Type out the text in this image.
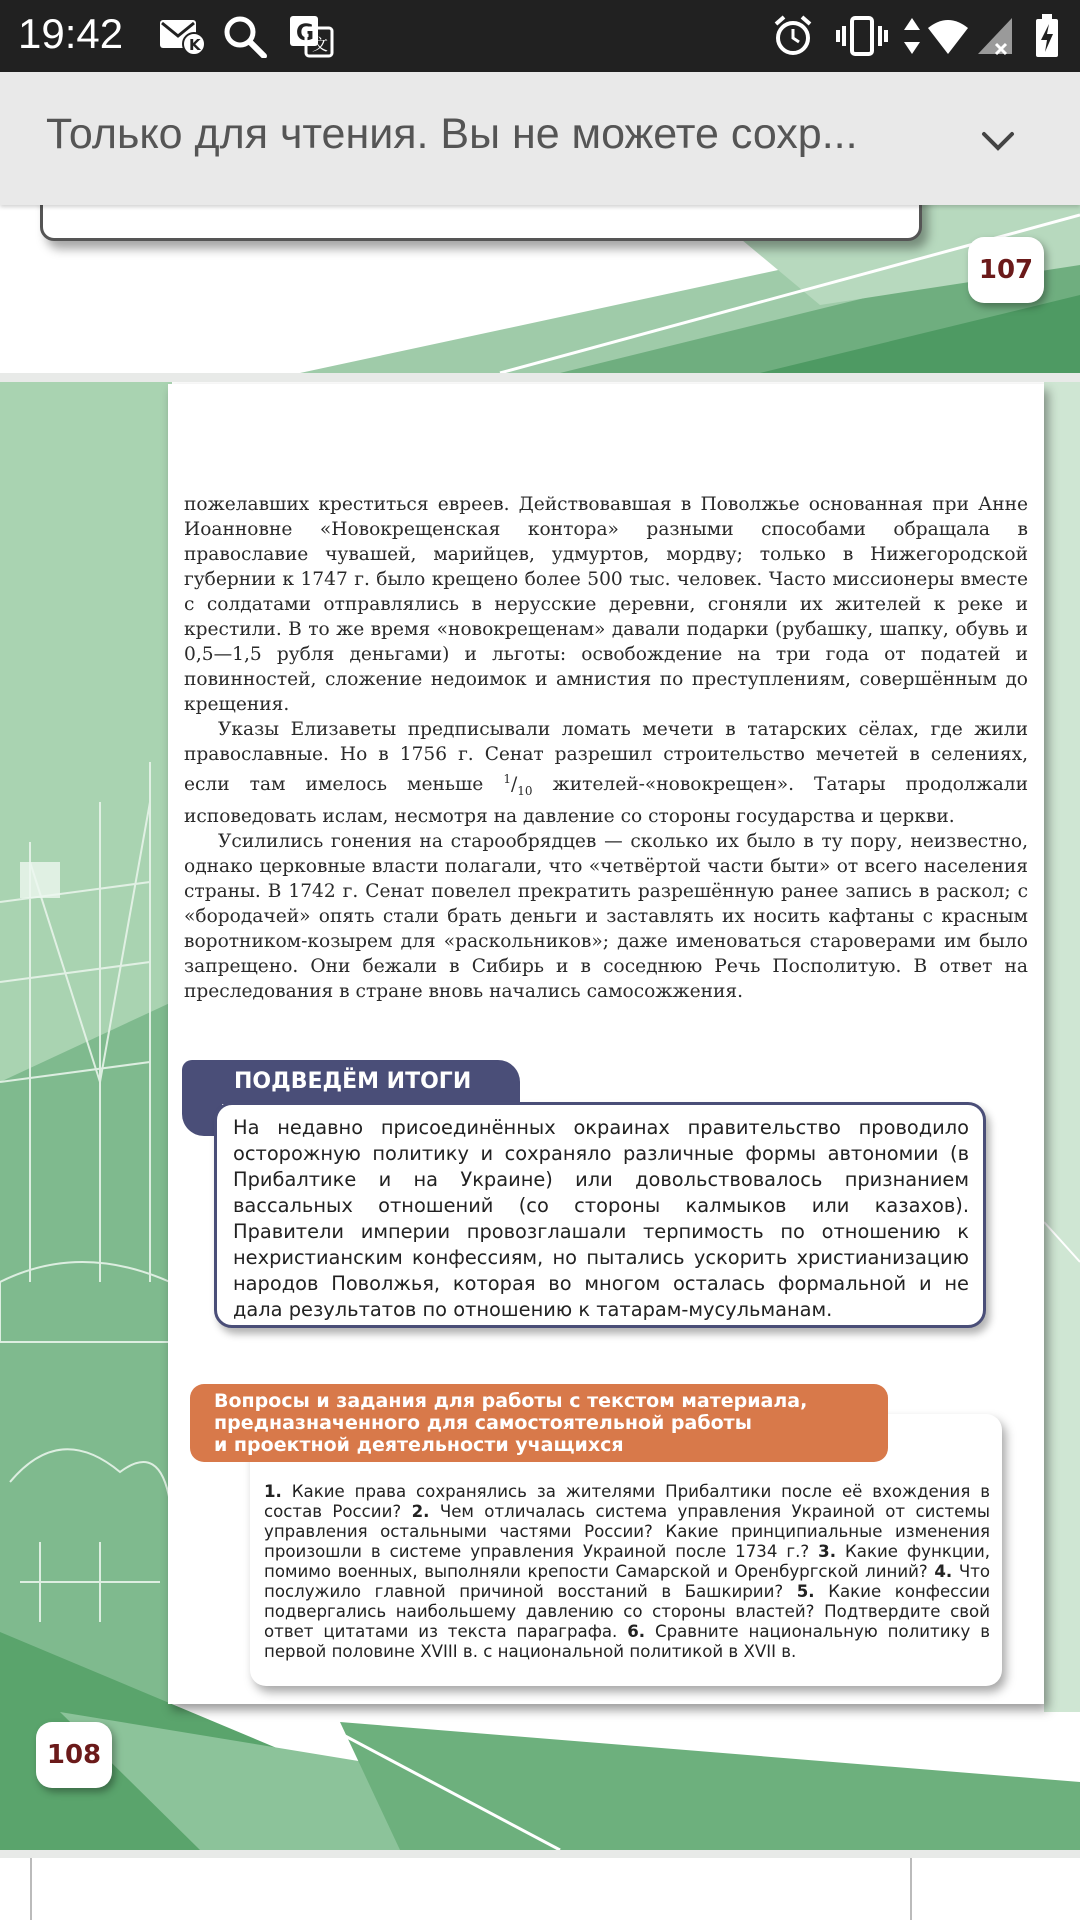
19:42	K	G
文
Только для чтения. Вы не можете сохр...
107

пожелавших креститься евреев. Действовавшая в Поволжье основанная при Анне Иоанновне «Новокрещенская контора» разными способами обращала в православие чувашей, марийцев, удмуртов, мордву; только в Нижегородской губернии к 1747 г. было крещено более 500 тыс. человек. Часто миссионеры вместе с солдатами отправлялись в нерусские деревни, сгоняли их жителей к реке и крестили. В то же время «новокрещенам» давали подарки (рубашку, шапку, обувь и 0,5—1,5 рубля деньгами) и льготы: освобождение на три года от податей и повинностей, сложение недоимок и амнистия по преступлениям, совершённым до крещения.

Указы Елизаветы предписывали ломать мечети в татарских сёлах, где жили православные. Но в 1756 г. Сенат разрешил строительство мечетей в селениях, если там имелось меньше $^1/_{10}$ жителей-«новокрещен». Татары продолжали исповедовать ислам, несмотря на давление со стороны государства и церкви.

Усилились гонения на старообрядцев — сколько их было в ту пору, неизвестно, однако церковные власти полагали, что «четвёртой части быти» от всего населения страны. В 1742 г. Сенат повелел прекратить разрешённую ранее запись в раскол; с «бородачей» опять стали брать деньги и заставлять их носить кафтаны с красным воротником-козырем для «раскольников»; даже именоваться староверами им было запрещено. Они бежали в Сибирь и в соседнюю Речь Посполитую. В ответ на преследования в стране вновь начались самосожжения.

ПОДВЕДЁМ ИТОГИ
На недавно присоединённых окраинах правительство проводило осторожную политику и сохраняло различные формы автономии (в Прибалтике и на Украине) или довольствовалось признанием вассальных отношений (со стороны калмыков или казахов). Правители империи провозглашали терпимость по отношению к нехристианским конфессиям, но пытались ускорить христианизацию народов Поволжья, которая во многом осталась формальной и не дала результатов по отношению к татарам-мусульманам.
Вопросы и задания для работы с текстом материала,
предназначенного для самостоятельной работы
и проектной деятельности учащихся
1. Какие права сохранялись за жителями Прибалтики после её вхождения в состав России? 2. Чем отличалась система управления Украиной от системы управления остальными частями России? Какие принципиальные изменения произошли в системе управления Украиной после 1734 г.? 3. Какие функции, помимо военных, выполняли крепости Самарской и Оренбургской линий? 4. Что послужило главной причиной восстаний в Башкирии? 5. Какие конфессии подвергались наибольшему давлению со стороны властей? Подтвердите свой ответ цитатами из текста параграфа. 6. Сравните национальную политику в первой половине XVIII в. с национальной политикой в XVII в.
108
